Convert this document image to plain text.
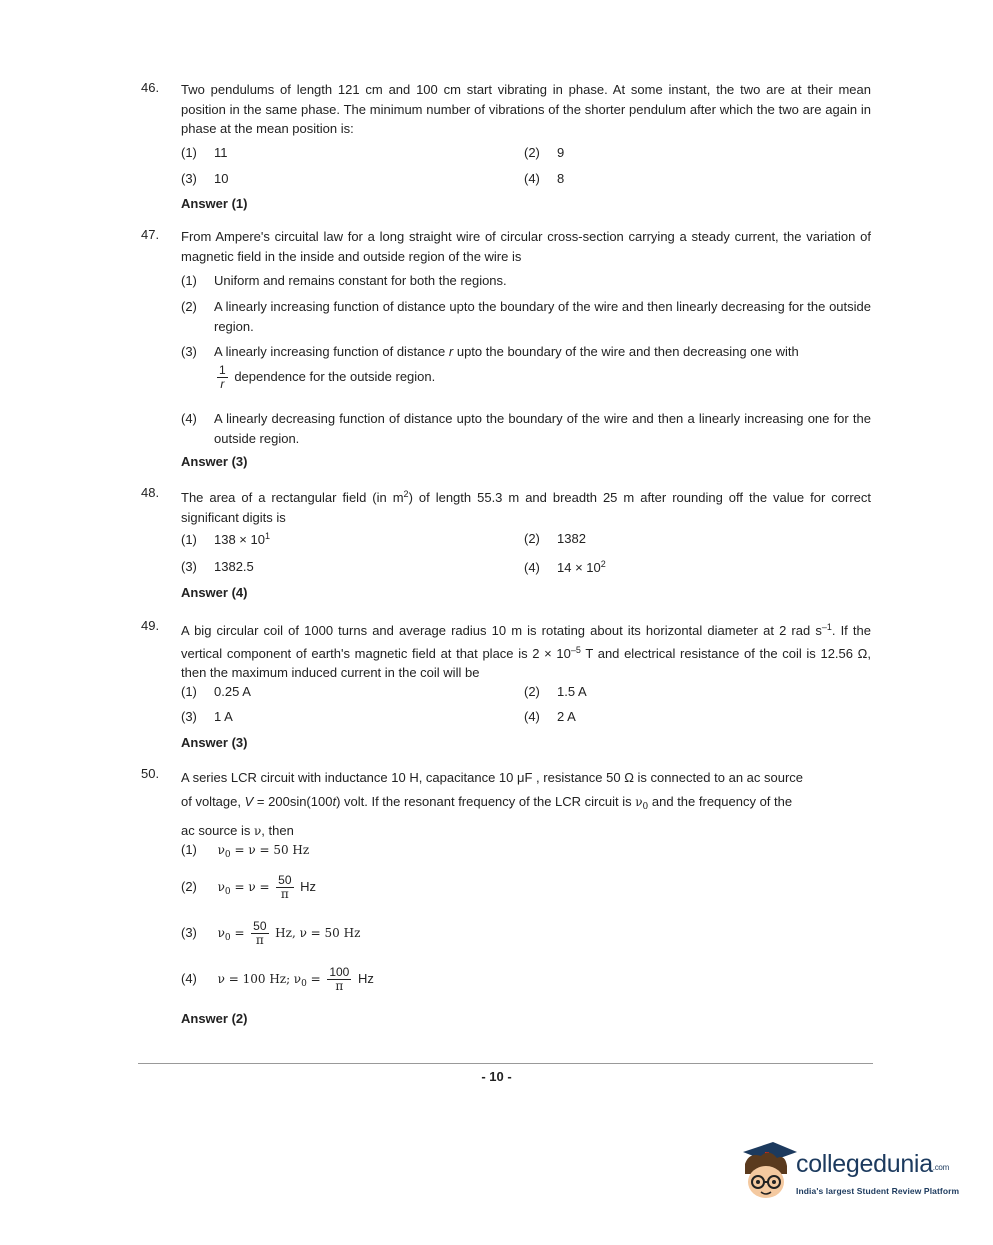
46. Two pendulums of length 121 cm and 100 cm start vibrating in phase. At some instant, the two are at their mean position in the same phase. The minimum number of vibrations of the shorter pendulum after which the two are again in phase at the mean position is:
(1) 11	(2) 9
(3) 10	(4) 8
Answer (1)
47. From Ampere's circuital law for a long straight wire of circular cross-section carrying a steady current, the variation of magnetic field in the inside and outside region of the wire is
(1)	Uniform and remains constant for both the regions.
(2)	A linearly increasing function of distance upto the boundary of the wire and then linearly decreasing for the outside region.
(3)	A linearly increasing function of distance r upto the boundary of the wire and then decreasing one with
$\frac{1}{r}$ dependence for the outside region.
(4)	A linearly decreasing function of distance upto the boundary of the wire and then a linearly increasing one for the outside region.
Answer (3)
48. The area of a rectangular field (in $m^2$) of length 55.3 m and breadth 25 m after rounding off the value for correct significant digits is
(1) $138 \times 10^1$	(2) 1382
(3) 1382.5	(4) $14 \times 10^2$
Answer (4)
49. A big circular coil of 1000 turns and average radius 10 m is rotating about its horizontal diameter at 2 rad $s^{-1}$. If the vertical component of earth's magnetic field at that place is $2 \times 10^{-5}$ T and electrical resistance of the coil is 12.56 Ω, then the maximum induced current in the coil will be
(1) 0.25 A	(2) 1.5 A
(3) 1 A	(4) 2 A
Answer (3)
50. A series LCR circuit with inductance 10 H, capacitance 10 μF , resistance 50 Ω is connected to an ac source
of voltage, V = 200sin(100t) volt. If the resonant frequency of the LCR circuit is $\nu_0$ and the frequency of the
ac source is ν, then
(1) $\nu_0 = \nu = 50$ Hz
(2) $\nu_0 = \nu = \frac{50}{\pi}$ Hz
(3) $\nu_0 = \frac{50}{\pi} Hz$, ν = 50 Hz
(4) ν = 100 Hz; $\nu_0 = \frac{100}{\pi}$ Hz
Answer (2)
- 10 -
collegedunia.com
India's largest Student Review Platform
